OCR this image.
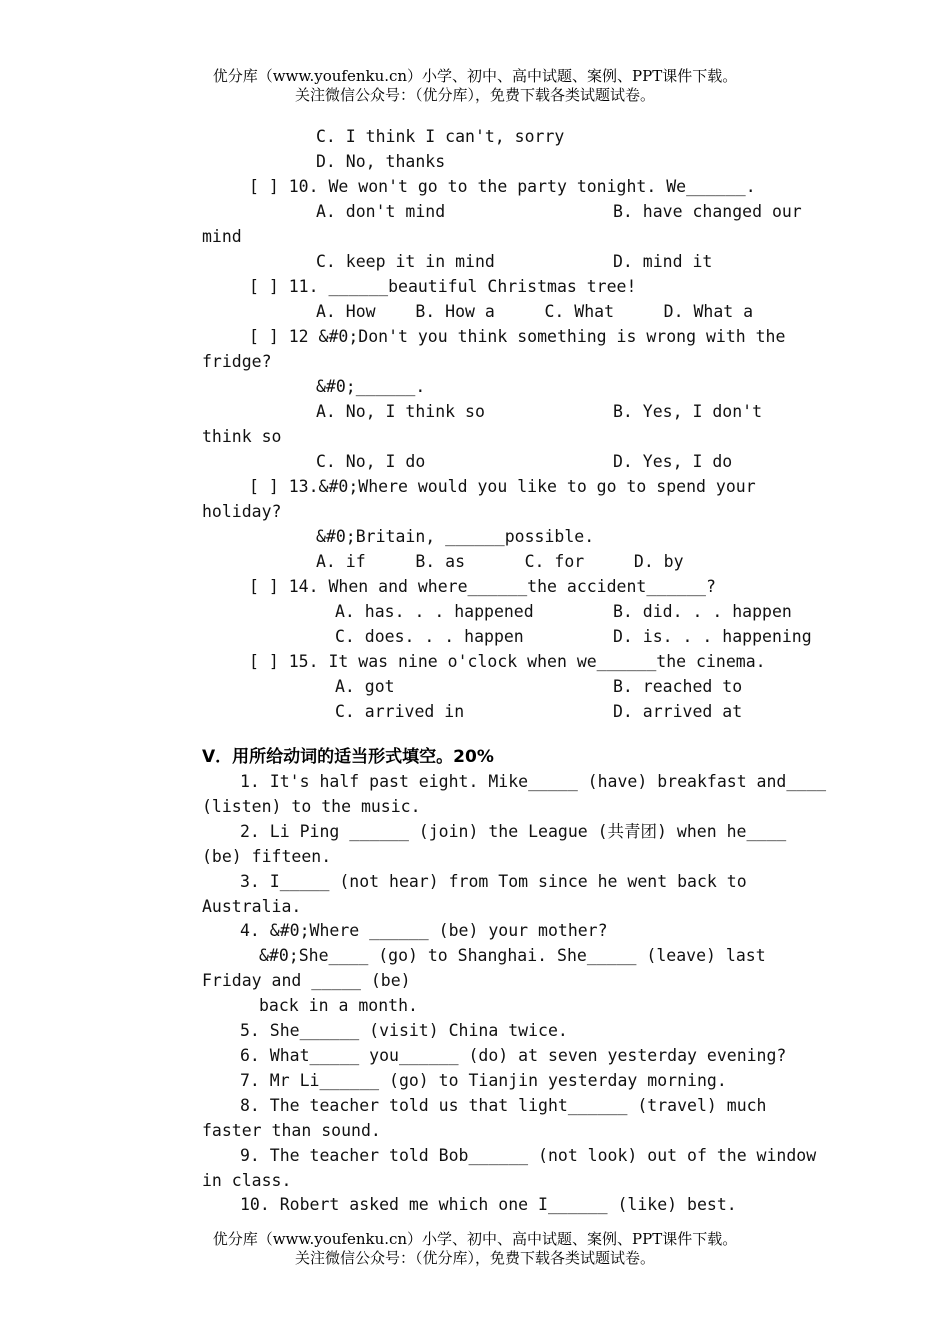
优分库（www.youfenku.cn）小学、初中、高中试题、案例、PPT课件下载。
关注微信公众号：（优分库），免费下载各类试题试卷。
C. I think I can't, sorry
D. No, thanks
[ ] 10. We won't go to the party tonight. We______.
A. don't mind	B. have changed our
mind
C. keep it in mind	D. mind it
[ ] 11. ______beautiful Christmas tree!
A. How    B. How a     C. What     D. What a
[ ] 12 &#0;Don't you think something is wrong with the
fridge?
&#0;______.
A. No, I think so	B. Yes, I don't
think so
C. No, I do	D. Yes, I do
[ ] 13.&#0;Where would you like to go to spend your
holiday?
&#0;Britain, ______possible.
A. if     B. as      C. for     D. by
[ ] 14. When and where______the accident______?
A. has. . . happened	B. did. . . happen
C. does. . . happen	D. is. . . happening
[ ] 15. It was nine o'clock when we______the cinema.
A. got	B. reached to
C. arrived in	D. arrived at
V．用所给动词的适当形式填空。20%
1. It's half past eight. Mike_____ (have) breakfast and____
(listen) to the music.
2. Li Ping ______ (join) the League (共青团) when he____
(be) fifteen.
3. I_____ (not hear) from Tom since he went back to
Australia.
4. &#0;Where ______ (be) your mother?
&#0;She____ (go) to Shanghai. She_____ (leave) last
Friday and _____ (be)
back in a month.
5. She______ (visit) China twice.
6. What_____ you______ (do) at seven yesterday evening?
7. Mr Li______ (go) to Tianjin yesterday morning.
8. The teacher told us that light______ (travel) much
faster than sound.
9. The teacher told Bob______ (not look) out of the window
in class.
10. Robert asked me which one I______ (like) best.
优分库（www.youfenku.cn）小学、初中、高中试题、案例、PPT课件下载。
关注微信公众号：（优分库），免费下载各类试题试卷。
